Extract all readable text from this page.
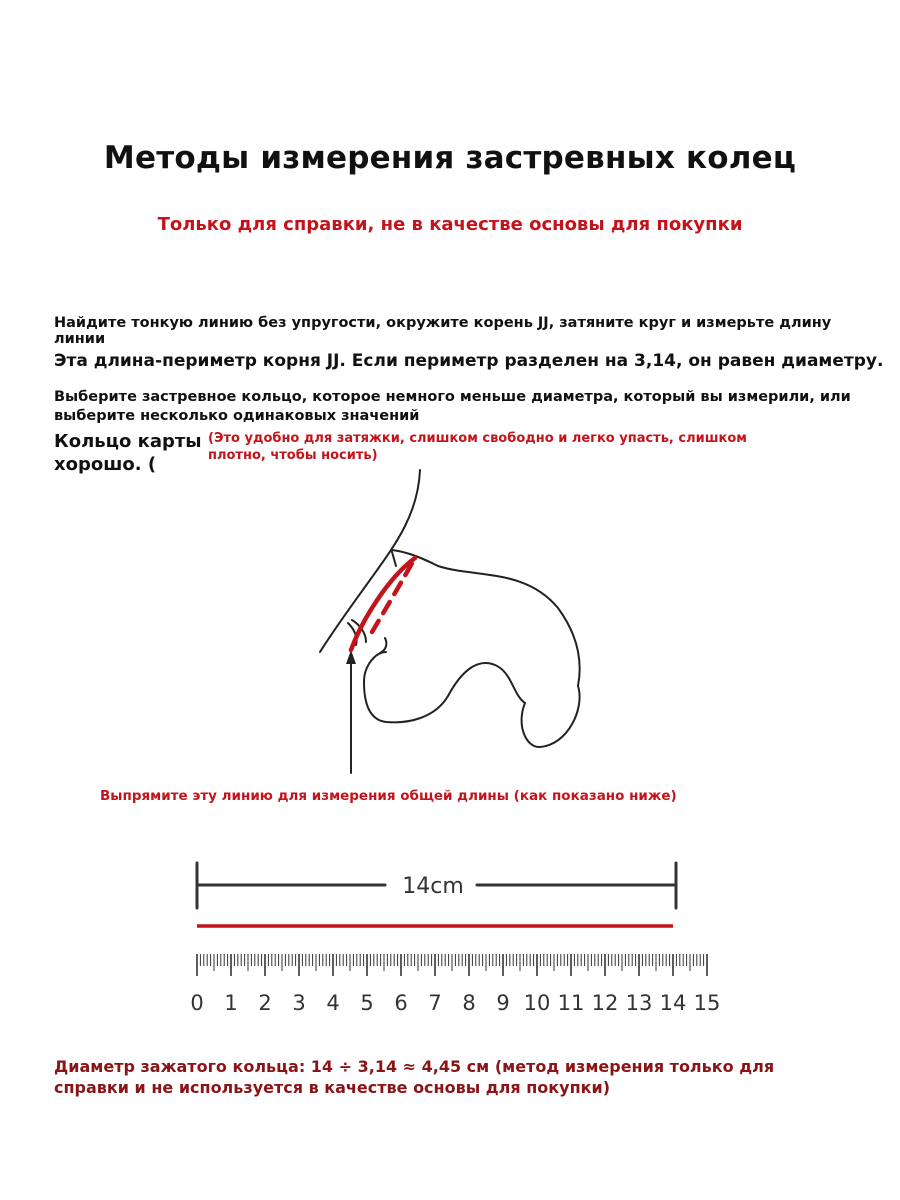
Методы измерения застревных колец
Только для справки, не в качестве основы для покупки
Найдите тонкую линию без упругости, окружите корень JJ, затяните круг и измерьте длину линии
Эта длина-периметр корня JJ. Если периметр разделен на 3,14, он равен диаметру.
Выберите застревное кольцо, которое немного меньше диаметра, который вы измерили, или выберите несколько одинаковых значений
Кольцо карты хорошо. (
(Это удобно для затяжки, слишком свободно и легко упасть, слишком плотно, чтобы носить)
Выпрямите эту линию для измерения общей длины (как показано ниже)
14cm
0 1 2 3 4 5 6 7 8 9 10 11 12 13 14 15
Диаметр зажатого кольца: 14 ÷ 3,14 ≈ 4,45 см (метод измерения только для справки и не используется в качестве основы для покупки)
